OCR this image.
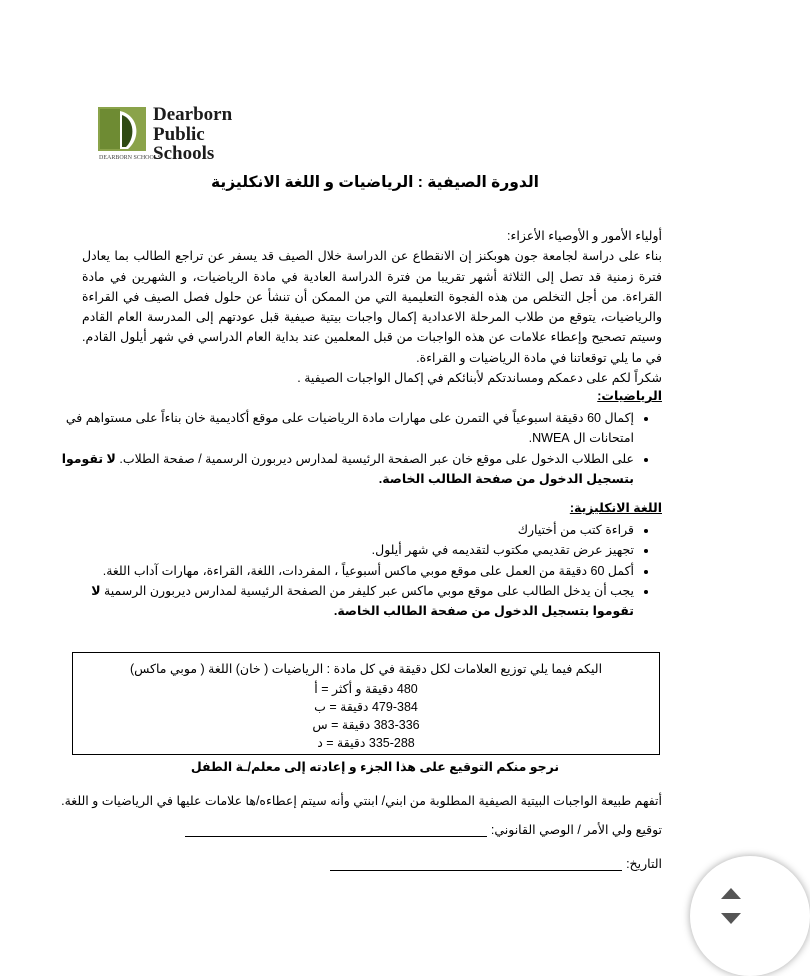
DEARBORN SCHOOLS
Dearborn
Public
Schools
الدورة الصيفية : الرياضيات و اللغة الانكليزية

أولياء الأمور و الأوصياء الأعزاء:

بناء على دراسة لجامعة جون هوبكنز إن الانقطاع عن الدراسة خلال الصيف قد يسفر عن تراجع الطالب بما يعادل فترة زمنية قد تصل إلى الثلاثة أشهر تقريبا من فترة الدراسة العادية في مادة الرياضيات، و الشهرين في مادة القراءة. من أجل التخلص من هذه الفجوة التعليمية التي من الممكن أن تنشأ عن حلول فصل الصيف في القراءة والرياضيات، يتوقع من طلاب المرحلة الاعدادية إكمال واجبات بيتية صيفية قبل عودتهم إلى المدرسة العام القادم وسيتم تصحيح وإعطاء علامات عن هذه الواجبات من قبل المعلمين عند بداية العام الدراسي في شهر أيلول القادم. في ما يلي توقعاتنا في مادة الرياضيات و القراءة.

شكراً لكم على دعمكم ومساندتكم لأبنائكم في إكمال الواجبات الصيفية .

الرياضيات:
• إكمال 60 دقيقة اسبوعياً في التمرن على مهارات مادة الرياضيات على موقع أكاديمية خان بناءاً على مستواهم في امتحانات ال NWEA.
• على الطلاب الدخول على موقع خان عبر الصفحة الرئيسية لمدارس ديربورن الرسمية / صفحة الطلاب. لا تقوموا بتسجيل الدخول من صفحة الطالب الخاصة.
اللغة الانكليزية:
• قراءة كتب من أختيارك
• تجهيز عرض تقديمي مكتوب لتقديمه في شهر أيلول.
• أكمل 60 دقيقة من العمل على موقع موبي ماكس أسبوعياً ، المفردات، اللغة، القراءة، مهارات آداب اللغة.
• يجب أن يدخل الطالب على موقع موبي ماكس عبر كليفر من الصفحة الرئيسية لمدارس ديربورن الرسمية لا تقوموا بتسجيل الدخول من صفحة الطالب الخاصة.
اليكم فيما يلي توزيع العلامات لكل دقيقة في كل مادة : الرياضيات ( خان) اللغة ( موبي ماكس)
480 دقيقة و أكثر = أ
479-384 دقيقة = ب
383-336 دقيقة = س
335-288 دقيقة = د
نرجو منكم التوقيع على هذا الجزء و إعادته إلى معلم/ـة الطفل
أتفهم طبيعة الواجبات البيتية الصيفية المطلوبة من ابني/ ابنتي وأنه سيتم إعطاءه/ها علامات عليها في الرياضيات و اللغة.
توقيع ولي الأمر / الوصي القانوني:
التاريخ:
